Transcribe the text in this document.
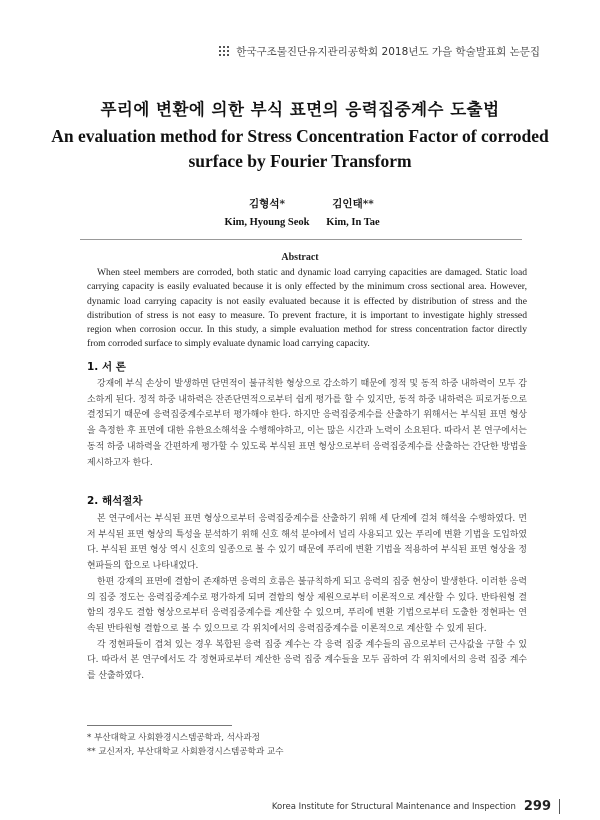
한국구조물진단유지관리공학회 2018년도 가을 학술발표회 논문집
푸리에 변환에 의한 부식 표면의 응력집중계수 도출법
An evaluation method for Stress Concentration Factor of corroded surface by Fourier Transform
김형석*
Kim, Hyoung Seok
김인태**
Kim, In Tae
Abstract
When steel members are corroded, both static and dynamic load carrying capacities are damaged. Static load carrying capacity is easily evaluated because it is only effected by the minimum cross sectional area. However, dynamic load carrying capacity is not easily evaluated because it is effected by distribution of stress and the distribution of stress is not easy to measure. To prevent fracture, it is important to investigate highly stressed region when corrosion occur. In this study, a simple evaluation method for stress concentration factor directly from corroded surface to simply evaluate dynamic load carrying capacity.
1. 서 론

강재에 부식 손상이 발생하면 단면적이 불규칙한 형상으로 감소하기 때문에 정적 및 동적 하중 내하력이 모두 감소하게 된다. 정적 하중 내하력은 잔존단면적으로부터 쉽게 평가를 할 수 있지만, 동적 하중 내하력은 피로거동으로 결정되기 때문에 응력집중계수로부터 평가해야 한다. 하지만 응력집중계수를 산출하기 위해서는 부식된 표면 형상을 측정한 후 표면에 대한 유한요소해석을 수행해야하고, 이는 많은 시간과 노력이 소요된다. 따라서 본 연구에서는 동적 하중 내하력을 간편하게 평가할 수 있도록 부식된 표면 형상으로부터 응력집중계수를 산출하는 간단한 방법을 제시하고자 한다.

2. 해석절차

본 연구에서는 부식된 표면 형상으로부터 응력집중계수를 산출하기 위해 세 단계에 걸쳐 해석을 수행하였다. 먼저 부식된 표면 형상의 특성을 분석하기 위해 신호 해석 분야에서 널리 사용되고 있는 푸리에 변환 기법을 도입하였다. 부식된 표면 형상 역시 신호의 일종으로 볼 수 있기 때문에 푸리에 변환 기법을 적용하여 부식된 표면 형상을 정현파들의 합으로 나타내었다.

한편 강재의 표면에 결함이 존재하면 응력의 흐름은 불규칙하게 되고 응력의 집중 현상이 발생한다. 이러한 응력의 집중 정도는 응력집중계수로 평가하게 되며 결함의 형상 제원으로부터 이론적으로 계산할 수 있다. 반타원형 결함의 경우도 결함 형상으로부터 응력집중계수를 계산할 수 있으며, 푸리에 변환 기법으로부터 도출한 정현파는 연속된 반타원형 결함으로 볼 수 있으므로 각 위치에서의 응력집중계수를 이론적으로 계산할 수 있게 된다.

각 정현파들이 겹쳐 있는 경우 복합된 응력 집중 계수는 각 응력 집중 계수들의 곱으로부터 근사값을 구할 수 있다. 따라서 본 연구에서도 각 정현파로부터 계산한 응력 집중 계수들을 모두 곱하여 각 위치에서의 응력 집중 계수를 산출하였다.

* 부산대학교 사회환경시스템공학과, 석사과정
** 교신저자, 부산대학교 사회환경시스템공학과 교수
Korea Institute for Structural Maintenance and Inspection 299
